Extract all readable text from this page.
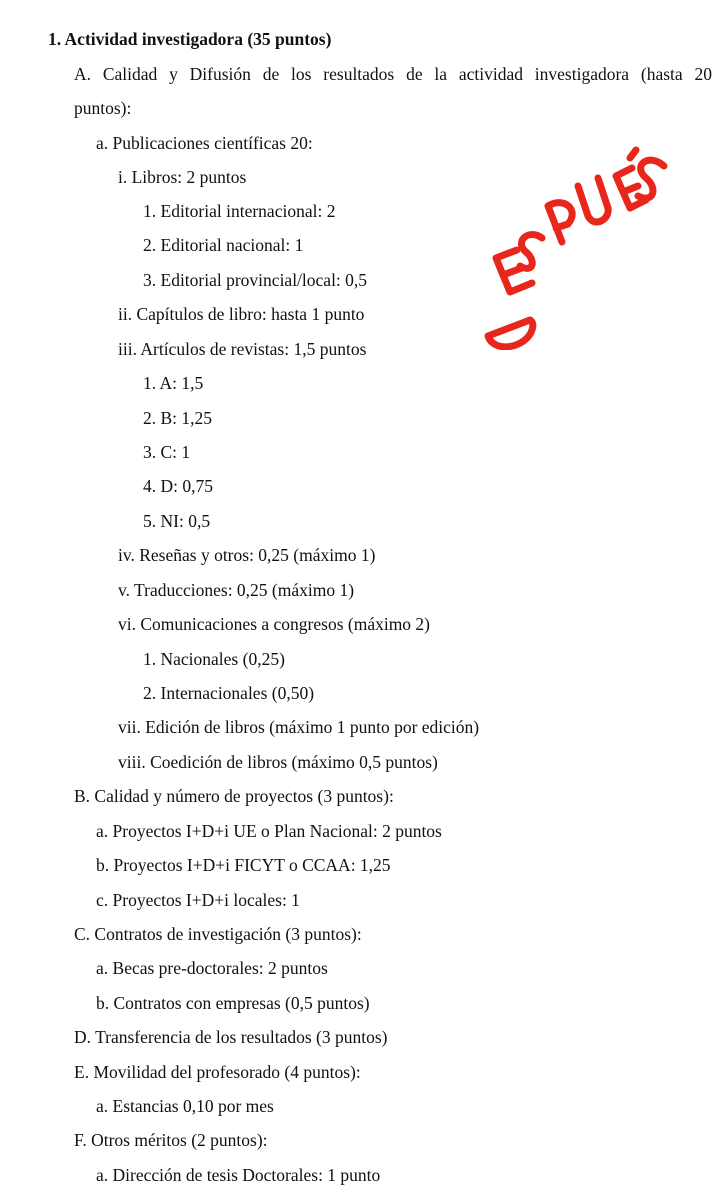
1. Actividad investigadora (35 puntos)
A. Calidad y Difusión de los resultados de la actividad investigadora (hasta 20
puntos):
a. Publicaciones científicas 20:
i. Libros: 2 puntos
1. Editorial internacional: 2
2. Editorial nacional: 1
3. Editorial provincial/local: 0,5
ii. Capítulos de libro: hasta 1 punto
iii. Artículos de revistas: 1,5 puntos
1. A: 1,5
2. B: 1,25
3. C: 1
4. D: 0,75
5. NI: 0,5
iv. Reseñas y otros: 0,25 (máximo 1)
v. Traducciones: 0,25 (máximo 1)
vi. Comunicaciones a congresos (máximo 2)
1. Nacionales (0,25)
2. Internacionales (0,50)
vii. Edición de libros (máximo 1 punto por edición)
viii. Coedición de libros (máximo 0,5 puntos)
B. Calidad y número de proyectos (3 puntos):
a. Proyectos I+D+i UE o Plan Nacional: 2 puntos
b. Proyectos I+D+i FICYT o CCAA: 1,25
c. Proyectos I+D+i locales: 1
C. Contratos de investigación (3 puntos):
a. Becas pre-doctorales: 2 puntos
b. Contratos con empresas (0,5 puntos)
D. Transferencia de los resultados (3 puntos)
E. Movilidad del profesorado (4 puntos):
a. Estancias 0,10 por mes
F. Otros méritos (2 puntos):
a. Dirección de tesis Doctorales: 1 punto
